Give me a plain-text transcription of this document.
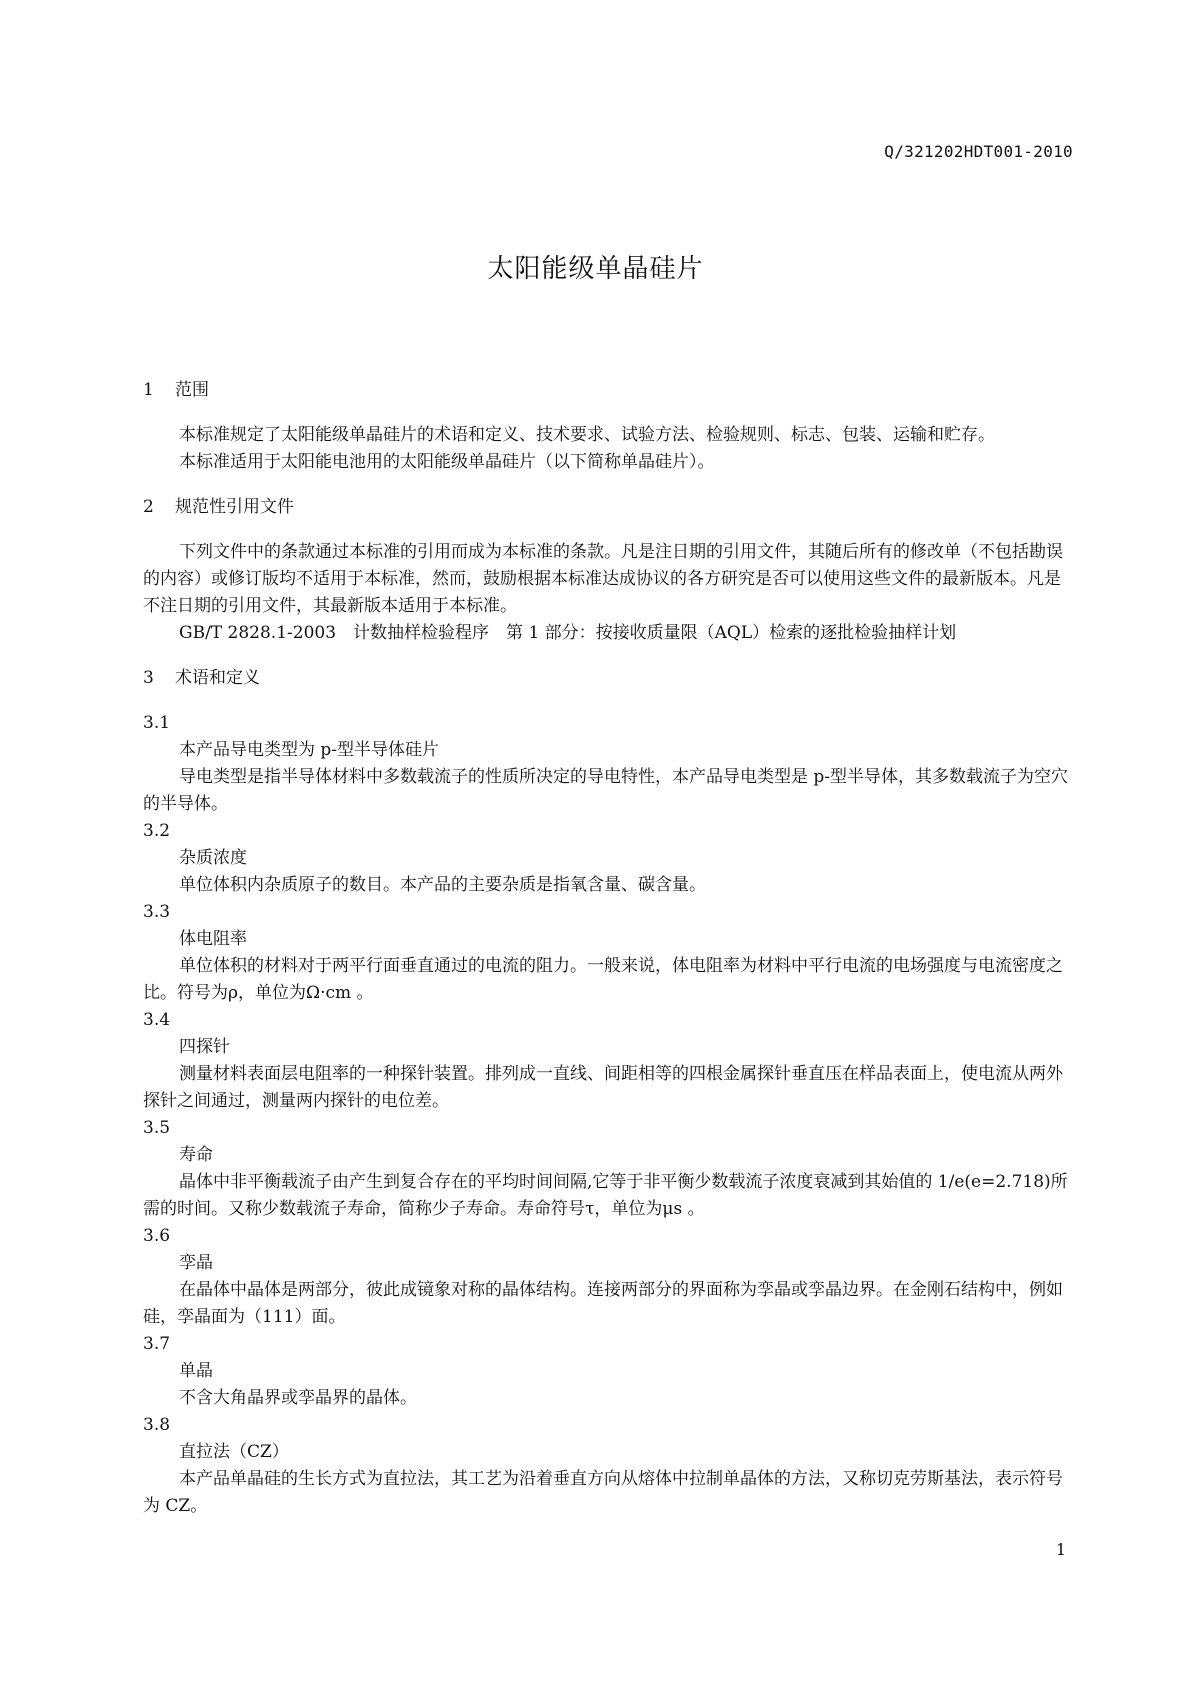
Q/321202HDT001-2010
太阳能级单晶硅片
1 范围

本标准规定了太阳能级单晶硅片的术语和定义、技术要求、试验方法、检验规则、标志、包装、运输和贮存。

本标准适用于太阳能电池用的太阳能级单晶硅片（以下简称单晶硅片）。

2 规范性引用文件

下列文件中的条款通过本标准的引用而成为本标准的条款。凡是注日期的引用文件，其随后所有的修改单（不包括勘误的内容）或修订版均不适用于本标准，然而，鼓励根据本标准达成协议的各方研究是否可以使用这些文件的最新版本。凡是不注日期的引用文件，其最新版本适用于本标准。

GB/T 2828.1-2003　计数抽样检验程序　第 1 部分：按接收质量限（AQL）检索的逐批检验抽样计划

3 术语和定义

3.1

本产品导电类型为 p-型半导体硅片

导电类型是指半导体材料中多数载流子的性质所决定的导电特性，本产品导电类型是 p-型半导体，其多数载流子为空穴的半导体。

3.2

杂质浓度

单位体积内杂质原子的数目。本产品的主要杂质是指氧含量、碳含量。

3.3

体电阻率

单位体积的材料对于两平行面垂直通过的电流的阻力。一般来说，体电阻率为材料中平行电流的电场强度与电流密度之比。符号为ρ，单位为Ω·cm 。

3.4

四探针

测量材料表面层电阻率的一种探针装置。排列成一直线、间距相等的四根金属探针垂直压在样品表面上，使电流从两外探针之间通过，测量两内探针的电位差。

3.5

寿命

晶体中非平衡载流子由产生到复合存在的平均时间间隔,它等于非平衡少数载流子浓度衰减到其始值的 1/e(e=2.718)所需的时间。又称少数载流子寿命，简称少子寿命。寿命符号τ，单位为μs 。

3.6

孪晶

在晶体中晶体是两部分，彼此成镜象对称的晶体结构。连接两部分的界面称为孪晶或孪晶边界。在金刚石结构中，例如硅，孪晶面为（111）面。

3.7

单晶

不含大角晶界或孪晶界的晶体。

3.8

直拉法（CZ）

本产品单晶硅的生长方式为直拉法，其工艺为沿着垂直方向从熔体中拉制单晶体的方法，又称切克劳斯基法，表示符号为 CZ。

1
